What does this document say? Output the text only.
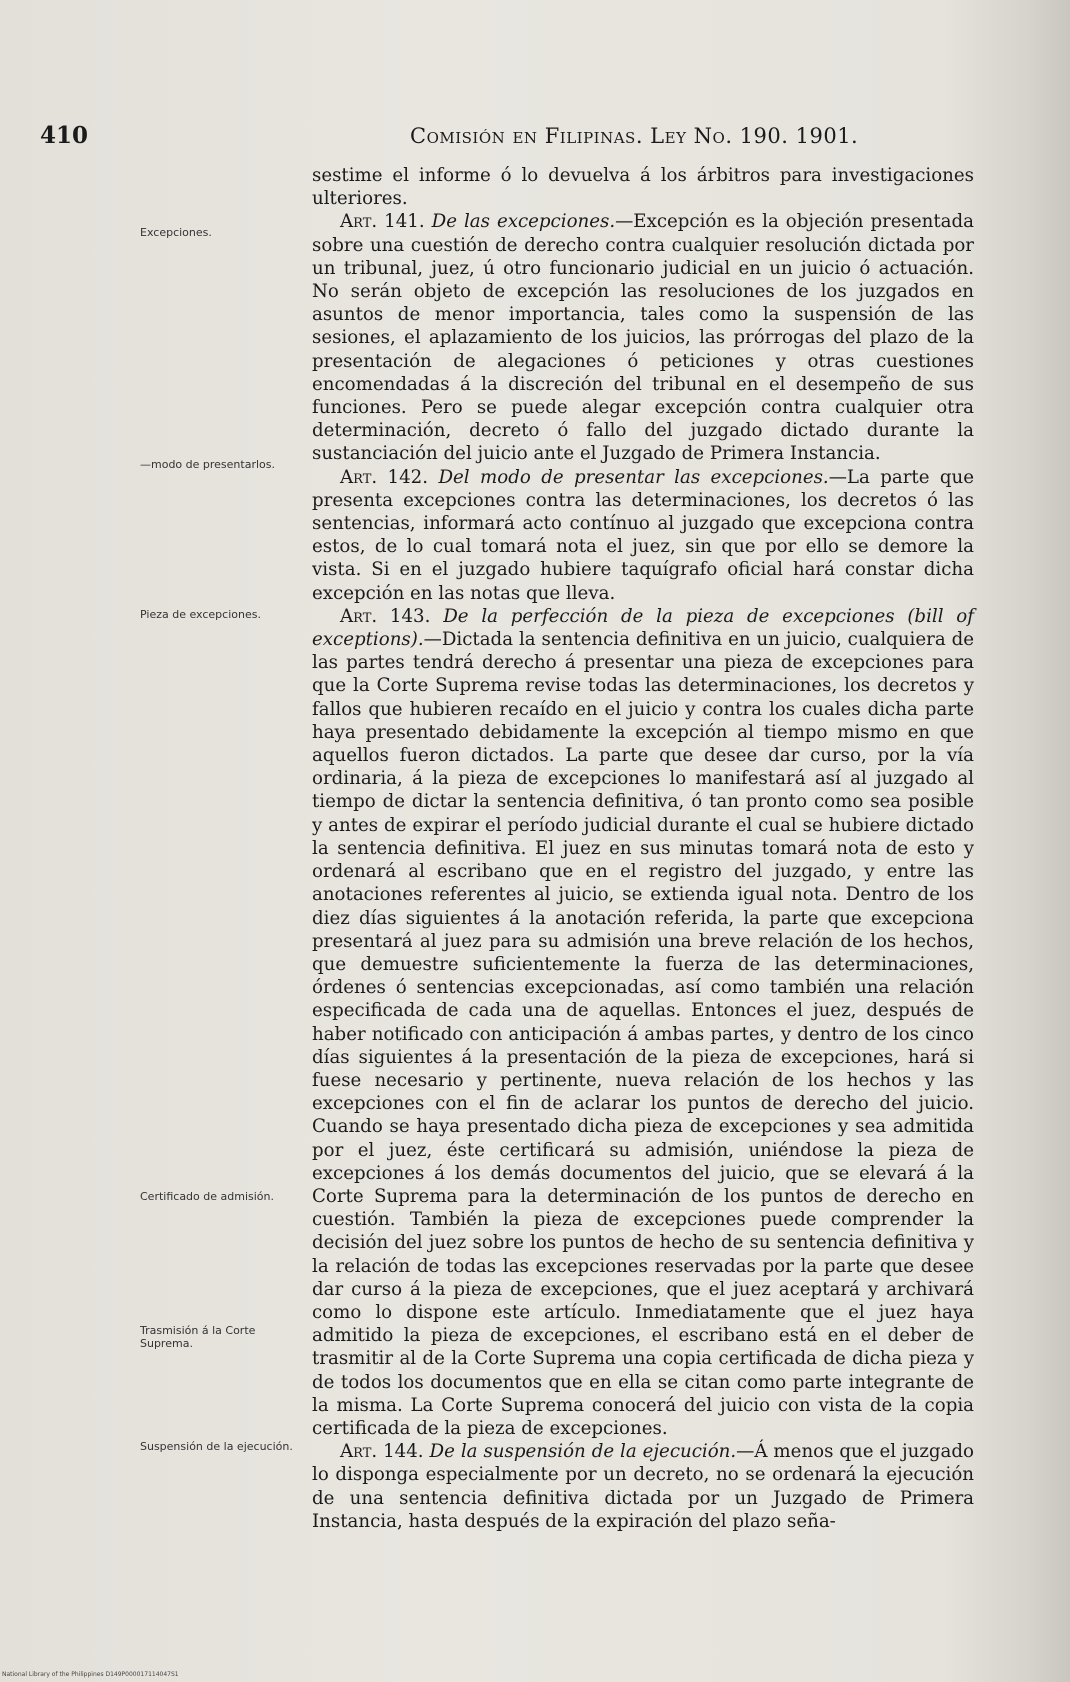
410	Comisión en Filipinas. Ley No. 190. 1901.
Excepciones.
—modo de presentarlos.
Pieza de excepciones.
Certificado de admisión.
Trasmisión á la Corte Suprema.
Suspensión de la ejecución.

sestime el informe ó lo devuelva á los árbitros para investigaciones ulteriores.

Art. 141. De las excepciones.—Excepción es la objeción presentada sobre una cuestión de derecho contra cualquier resolución dictada por un tribunal, juez, ú otro funcionario judicial en un juicio ó actuación. No serán objeto de excepción las resoluciones de los juzgados en asuntos de menor importancia, tales como la suspensión de las sesiones, el aplazamiento de los juicios, las prórrogas del plazo de la presentación de alegaciones ó peticiones y otras cuestiones encomendadas á la discreción del tribunal en el desempeño de sus funciones. Pero se puede alegar excepción contra cualquier otra determinación, decreto ó fallo del juzgado dictado durante la sustanciación del juicio ante el Juzgado de Primera Instancia.

Art. 142. Del modo de presentar las excepciones.—La parte que presenta excepciones contra las determinaciones, los decretos ó las sentencias, informará acto contínuo al juzgado que excepciona contra estos, de lo cual tomará nota el juez, sin que por ello se demore la vista. Si en el juzgado hubiere taquígrafo oficial hará constar dicha excepción en las notas que lleva.

Art. 143. De la perfección de la pieza de excepciones (bill of exceptions).—Dictada la sentencia definitiva en un juicio, cualquiera de las partes tendrá derecho á presentar una pieza de excepciones para que la Corte Suprema revise todas las determinaciones, los decretos y fallos que hubieren recaído en el juicio y contra los cuales dicha parte haya presentado debidamente la excepción al tiempo mismo en que aquellos fueron dictados. La parte que desee dar curso, por la vía ordinaria, á la pieza de excepciones lo manifestará así al juzgado al tiempo de dictar la sentencia definitiva, ó tan pronto como sea posible y antes de expirar el período judicial durante el cual se hubiere dictado la sentencia definitiva. El juez en sus minutas tomará nota de esto y ordenará al escribano que en el registro del juzgado, y entre las anotaciones referentes al juicio, se extienda igual nota. Dentro de los diez días siguientes á la anotación referida, la parte que excepciona presentará al juez para su admisión una breve relación de los hechos, que demuestre suficientemente la fuerza de las determinaciones, órdenes ó sentencias excepcionadas, así como también una relación especificada de cada una de aquellas. Entonces el juez, después de haber notificado con anticipación á ambas partes, y dentro de los cinco días siguientes á la presentación de la pieza de excepciones, hará si fuese necesario y pertinente, nueva relación de los hechos y las excepciones con el fin de aclarar los puntos de derecho del juicio. Cuando se haya presentado dicha pieza de excepciones y sea admitida por el juez, éste certificará su admisión, uniéndose la pieza de excepciones á los demás documentos del juicio, que se elevará á la Corte Suprema para la determinación de los puntos de derecho en cuestión. También la pieza de excepciones puede comprender la decisión del juez sobre los puntos de hecho de su sentencia definitiva y la relación de todas las excepciones reservadas por la parte que desee dar curso á la pieza de excepciones, que el juez aceptará y archivará como lo dispone este artículo. Inmediatamente que el juez haya admitido la pieza de excepciones, el escribano está en el deber de trasmitir al de la Corte Suprema una copia certificada de dicha pieza y de todos los documentos que en ella se citan como parte integrante de la misma. La Corte Suprema conocerá del juicio con vista de la copia certificada de la pieza de excepciones.

Art. 144. De la suspensión de la ejecución.—Á menos que el juzgado lo disponga especialmente por un decreto, no se ordenará la ejecución de una sentencia definitiva dictada por un Juzgado de Primera Instancia, hasta después de la expiración del plazo seña-

National Library of the Philippines D149P000017114047S1
